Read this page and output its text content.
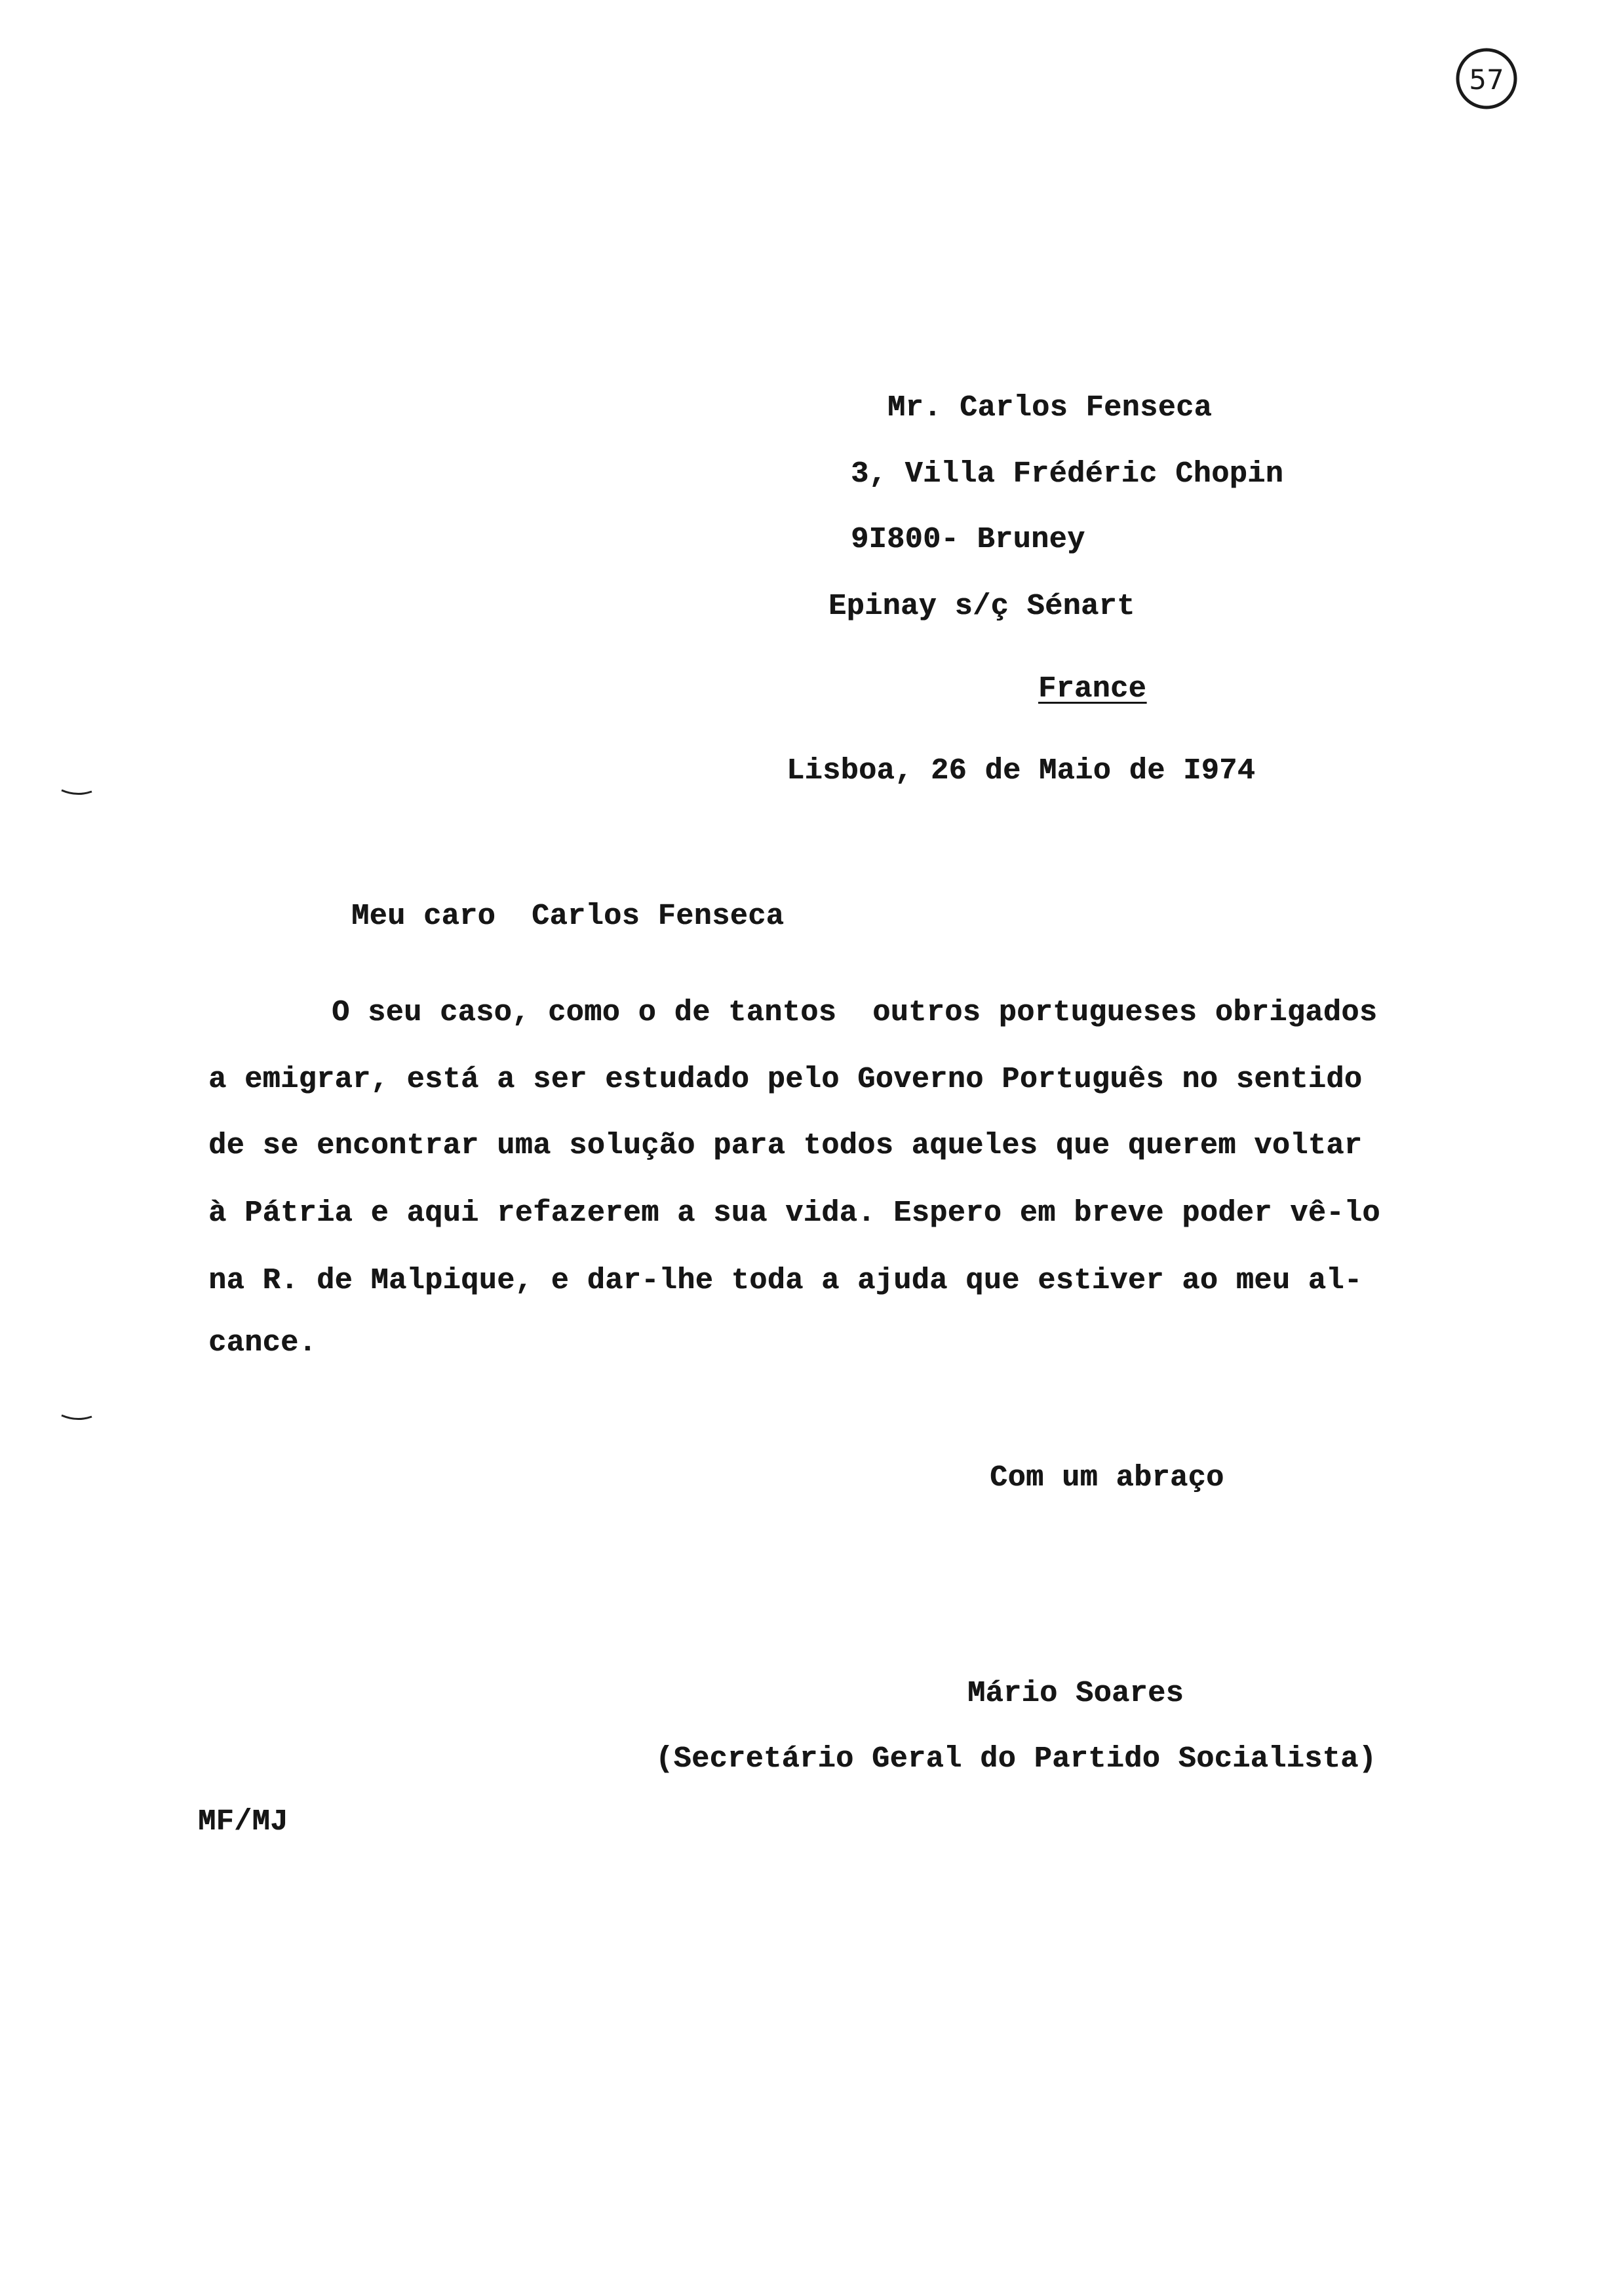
57
Mr. Carlos Fenseca
3, Villa Frédéric Chopin
9I800- Bruney
Epinay s/ç Sénart
France
Lisboa, 26 de Maio de I974
Meu caro  Carlos Fenseca
O seu caso, como o de tantos  outros portugueses obrigados
a emigrar, está a ser estudado pelo Governo Português no sentido
de se encontrar uma solução para todos aqueles que querem voltar
à Pátria e aqui refazerem a sua vida. Espero em breve poder vê-lo
na R. de Malpique, e dar-lhe toda a ajuda que estiver ao meu al-
cance.
Com um abraço
Mário Soares
(Secretário Geral do Partido Socialista)
MF/MJ
